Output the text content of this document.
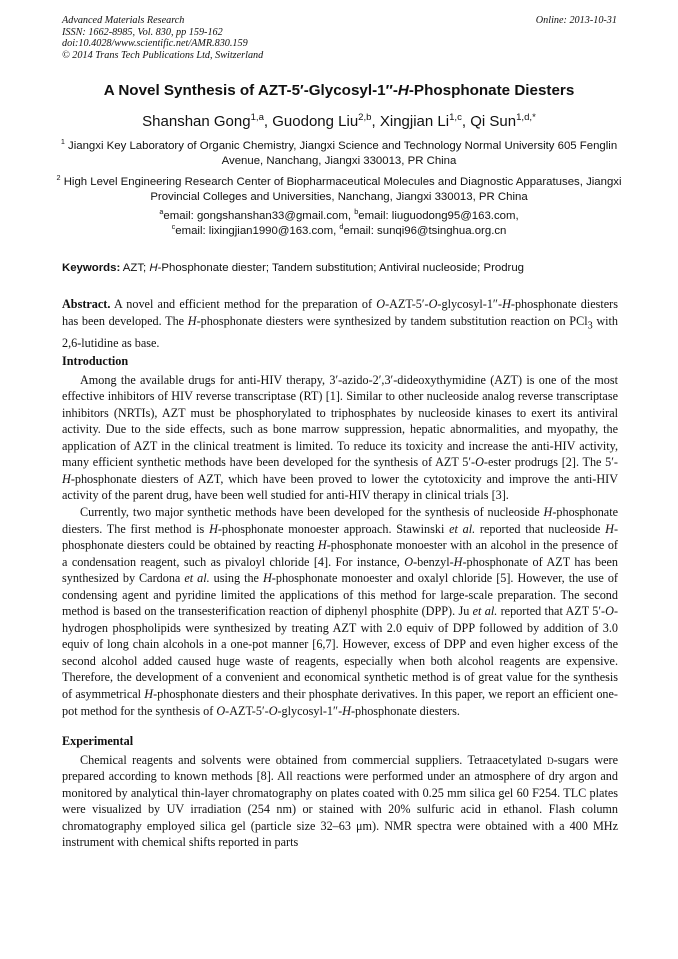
Advanced Materials Research
ISSN: 1662-8985, Vol. 830, pp 159-162
doi:10.4028/www.scientific.net/AMR.830.159
© 2014 Trans Tech Publications Ltd, Switzerland
Online: 2013-10-31
A Novel Synthesis of AZT-5′-Glycosyl-1″-H-Phosphonate Diesters
Shanshan Gong$^{1,a}$, Guodong Liu$^{2,b}$, Xingjian Li$^{1,c}$, Qi Sun$^{1,d,*}$
$^1$ Jiangxi Key Laboratory of Organic Chemistry, Jiangxi Science and Technology Normal University 605 Fenglin Avenue, Nanchang, Jiangxi 330013, PR China
$^2$ High Level Engineering Research Center of Biopharmaceutical Molecules and Diagnostic Apparatuses, Jiangxi Provincial Colleges and Universities, Nanchang, Jiangxi 330013, PR China
$^a$email: gongshanshan33@gmail.com, $^b$email: liuguodong95@163.com,
$^c$email: lixingjian1990@163.com, $^d$email: sunqi96@tsinghua.org.cn
Keywords: AZT; H-Phosphonate diester; Tandem substitution; Antiviral nucleoside; Prodrug

Abstract. A novel and efficient method for the preparation of O-AZT-5′-O-glycosyl-1″-H-phosphonate diesters has been developed. The H-phosphonate diesters were synthesized by tandem substitution reaction on PCl$_3$ with 2,6-lutidine as base.

Introduction

Among the available drugs for anti-HIV therapy, 3′-azido-2′,3′-dideoxythymidine (AZT) is one of the most effective inhibitors of HIV reverse transcriptase (RT) [1]. Similar to other nucleoside analog reverse transcriptase inhibitors (NRTIs), AZT must be phosphorylated to triphosphates by nucleoside kinases to exert its antiviral activity. Due to the side effects, such as bone marrow suppression, hepatic abnormalities, and myopathy, the application of AZT in the clinical treatment is limited. To reduce its toxicity and increase the anti-HIV activity, many efficient synthetic methods have been developed for the synthesis of AZT 5′-O-ester prodrugs [2]. The 5′-H-phosphonate diesters of AZT, which have been proved to lower the cytotoxicity and improve the anti-HIV activity of the parent drug, have been well studied for anti-HIV therapy in clinical trials [3].

Currently, two major synthetic methods have been developed for the synthesis of nucleoside H-phosphonate diesters. The first method is H-phosphonate monoester approach. Stawinski et al. reported that nucleoside H-phosphonate diesters could be obtained by reacting H-phosphonate monoester with an alcohol in the presence of a condensation reagent, such as pivaloyl chloride [4]. For instance, O-benzyl-H-phosphonate of AZT has been synthesized by Cardona et al. using the H-phosphonate monoester and oxalyl chloride [5]. However, the use of condensing agent and pyridine limited the applications of this method for large-scale preparation. The second method is based on the transesterification reaction of diphenyl phosphite (DPP). Ju et al. reported that AZT 5′-O-hydrogen phospholipids were synthesized by treating AZT with 2.0 equiv of DPP followed by addition of 3.0 equiv of long chain alcohols in a one-pot manner [6,7]. However, excess of DPP and even higher excess of the second alcohol added caused huge waste of reagents, especially when both alcohol reagents are expensive. Therefore, the development of a convenient and economical synthetic method is of great value for the synthesis of asymmetrical H-phosphonate diesters and their phosphate derivatives. In this paper, we report an efficient one-pot method for the synthesis of O-AZT-5′-O-glycosyl-1″-H-phosphonate diesters.

Experimental

Chemical reagents and solvents were obtained from commercial suppliers. Tetraacetylated d-sugars were prepared according to known methods [8]. All reactions were performed under an atmosphere of dry argon and monitored by analytical thin-layer chromatography on plates coated with 0.25 mm silica gel 60 F254. TLC plates were visualized by UV irradiation (254 nm) or stained with 20% sulfuric acid in ethanol. Flash column chromatography employed silica gel (particle size 32–63 μm). NMR spectra were obtained with a 400 MHz instrument with chemical shifts reported in parts
